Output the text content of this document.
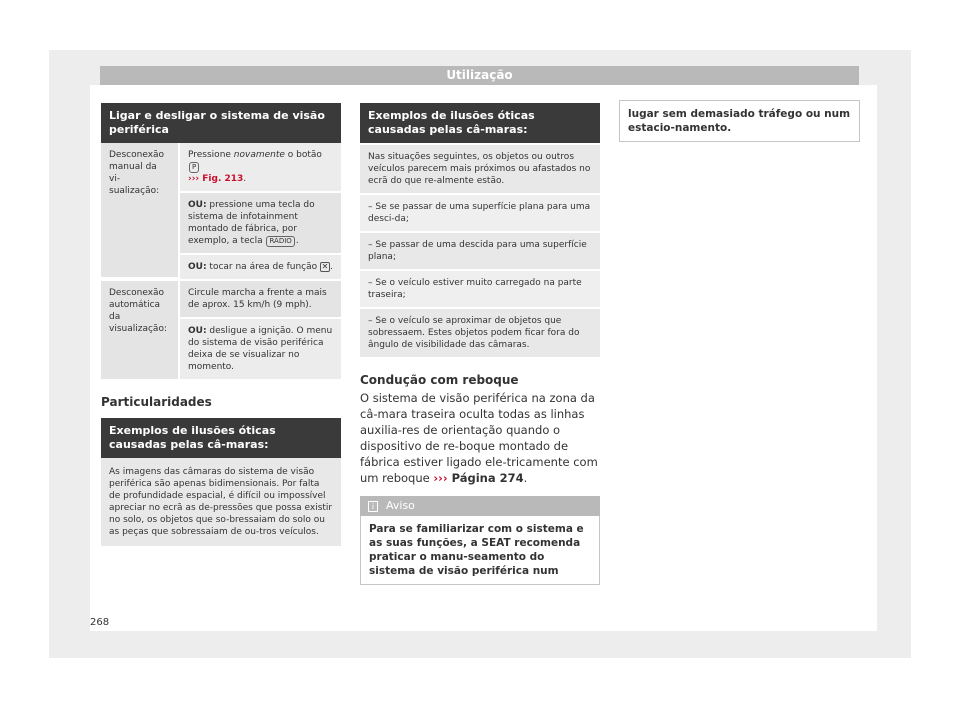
Utilização
Ligar e desligar o sistema de visão periférica
Desconexão manual da vi-sualização:	Pressione novamente o botão P
››› Fig. 213.
	OU: pressione uma tecla do sistema de infotainment montado de fábrica, por exemplo, a tecla RÁDIO .
	OU: tocar na área de função ✕ .
Desconexão automática da visualização:	Circule marcha a frente a mais de aprox. 15 km/h (9 mph).
	OU: desligue a ignição. O menu do sistema de visão periférica deixa de se visualizar no momento.
Particularidades
Exemplos de ilusões óticas causadas pelas câ-maras:
As imagens das câmaras do sistema de visão periférica são apenas bidimensionais. Por falta de profundidade espacial, é difícil ou impossível apreciar no ecrã as de-pressões que possa existir no solo, os objetos que so-bressaiam do solo ou as peças que sobressaiam de ou-tros veículos.
Exemplos de ilusões óticas causadas pelas câ-maras:
Nas situações seguintes, os objetos ou outros veículos parecem mais próximos ou afastados no ecrã do que re-almente estão.
– Se se passar de uma superfície plana para uma desci-da;
– Se passar de uma descida para uma superfície plana;
– Se o veículo estiver muito carregado na parte traseira;
– Se o veículo se aproximar de objetos que sobressaem. Estes objetos podem ficar fora do ângulo de visibilidade das câmaras.
Condução com reboque
O sistema de visão periférica na zona da câ-mara traseira oculta todas as linhas auxilia-res de orientação quando o dispositivo de re-boque montado de fábrica estiver ligado ele-tricamente com um reboque ››› Página 274.
i Aviso
Para se familiarizar com o sistema e as suas funções, a SEAT recomenda praticar o manu-seamento do sistema de visão periférica num
lugar sem demasiado tráfego ou num estacio-namento.
268
